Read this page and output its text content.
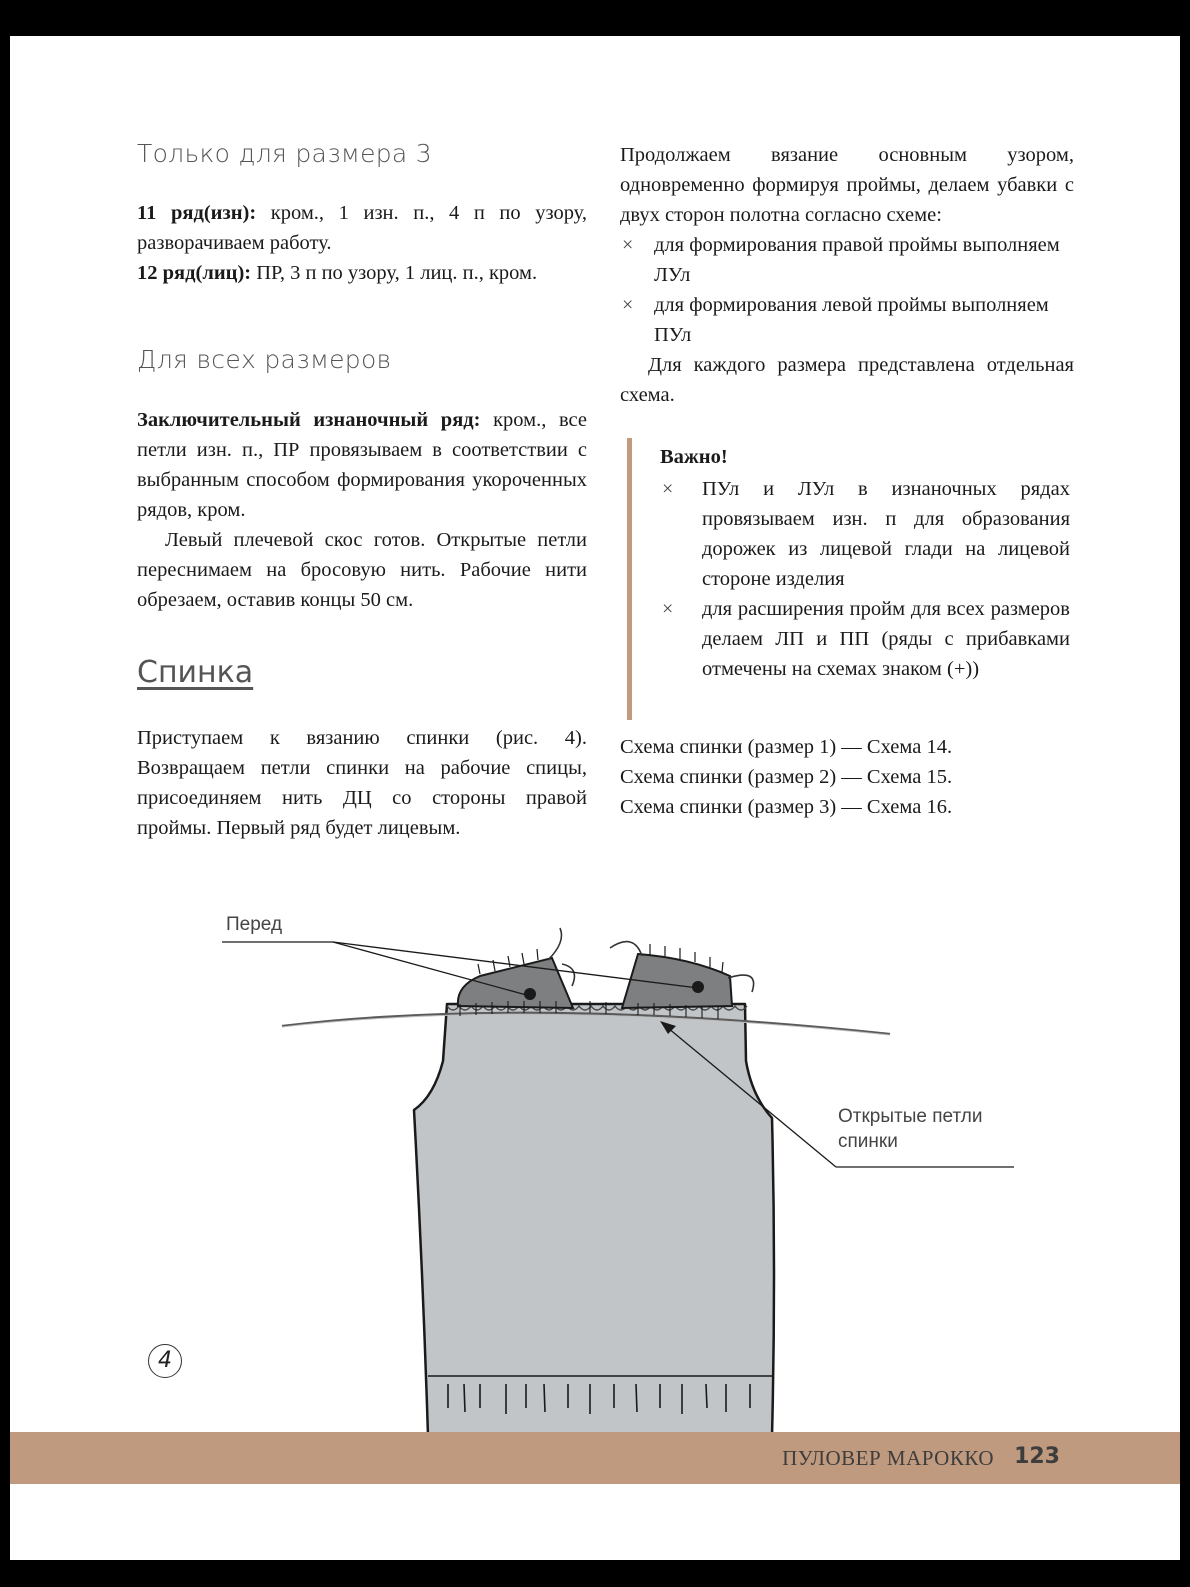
Только для размера 3

11 ряд(изн): кром., 1 изн. п., 4 п по узору, разворачиваем работу.

12 ряд(лиц): ПР, 3 п по узору, 1 лиц. п., кром.

Для всех размеров

Заключительный изнаночный ряд: кром., все петли изн. п., ПР провязываем в соответствии с выбранным способом формирования укороченных рядов, кром.

Левый плечевой скос готов. Открытые петли переснимаем на бросовую нить. Рабочие нити обрезаем, оставив концы 50 см.

Спинка

Приступаем к вязанию спинки (рис. 4). Возвращаем петли спинки на рабочие спицы, присоединяем нить ДЦ со стороны правой проймы. Первый ряд будет лицевым.

Продолжаем вязание основным узором, одновременно формируя проймы, делаем убавки с двух сторон полотна согласно схеме:

× для формирования правой проймы выполняем ЛУл
× для формирования левой проймы выполняем ПУл

Для каждого размера представлена отдельная схема.

Важно!

× ПУл и ЛУл в изнаночных рядах провязываем изн. п для образования дорожек из лицевой глади на лицевой стороне изделия
× для расширения пройм для всех размеров делаем ЛП и ПП (ряды с прибавками отмечены на схемах знаком (+))

Схема спинки (размер 1) — Схема 14.

Схема спинки (размер 2) — Схема 15.

Схема спинки (размер 3) — Схема 16.

Перед
Открытые петли
спинки
4
ПУЛОВЕР МАРОККО 123
